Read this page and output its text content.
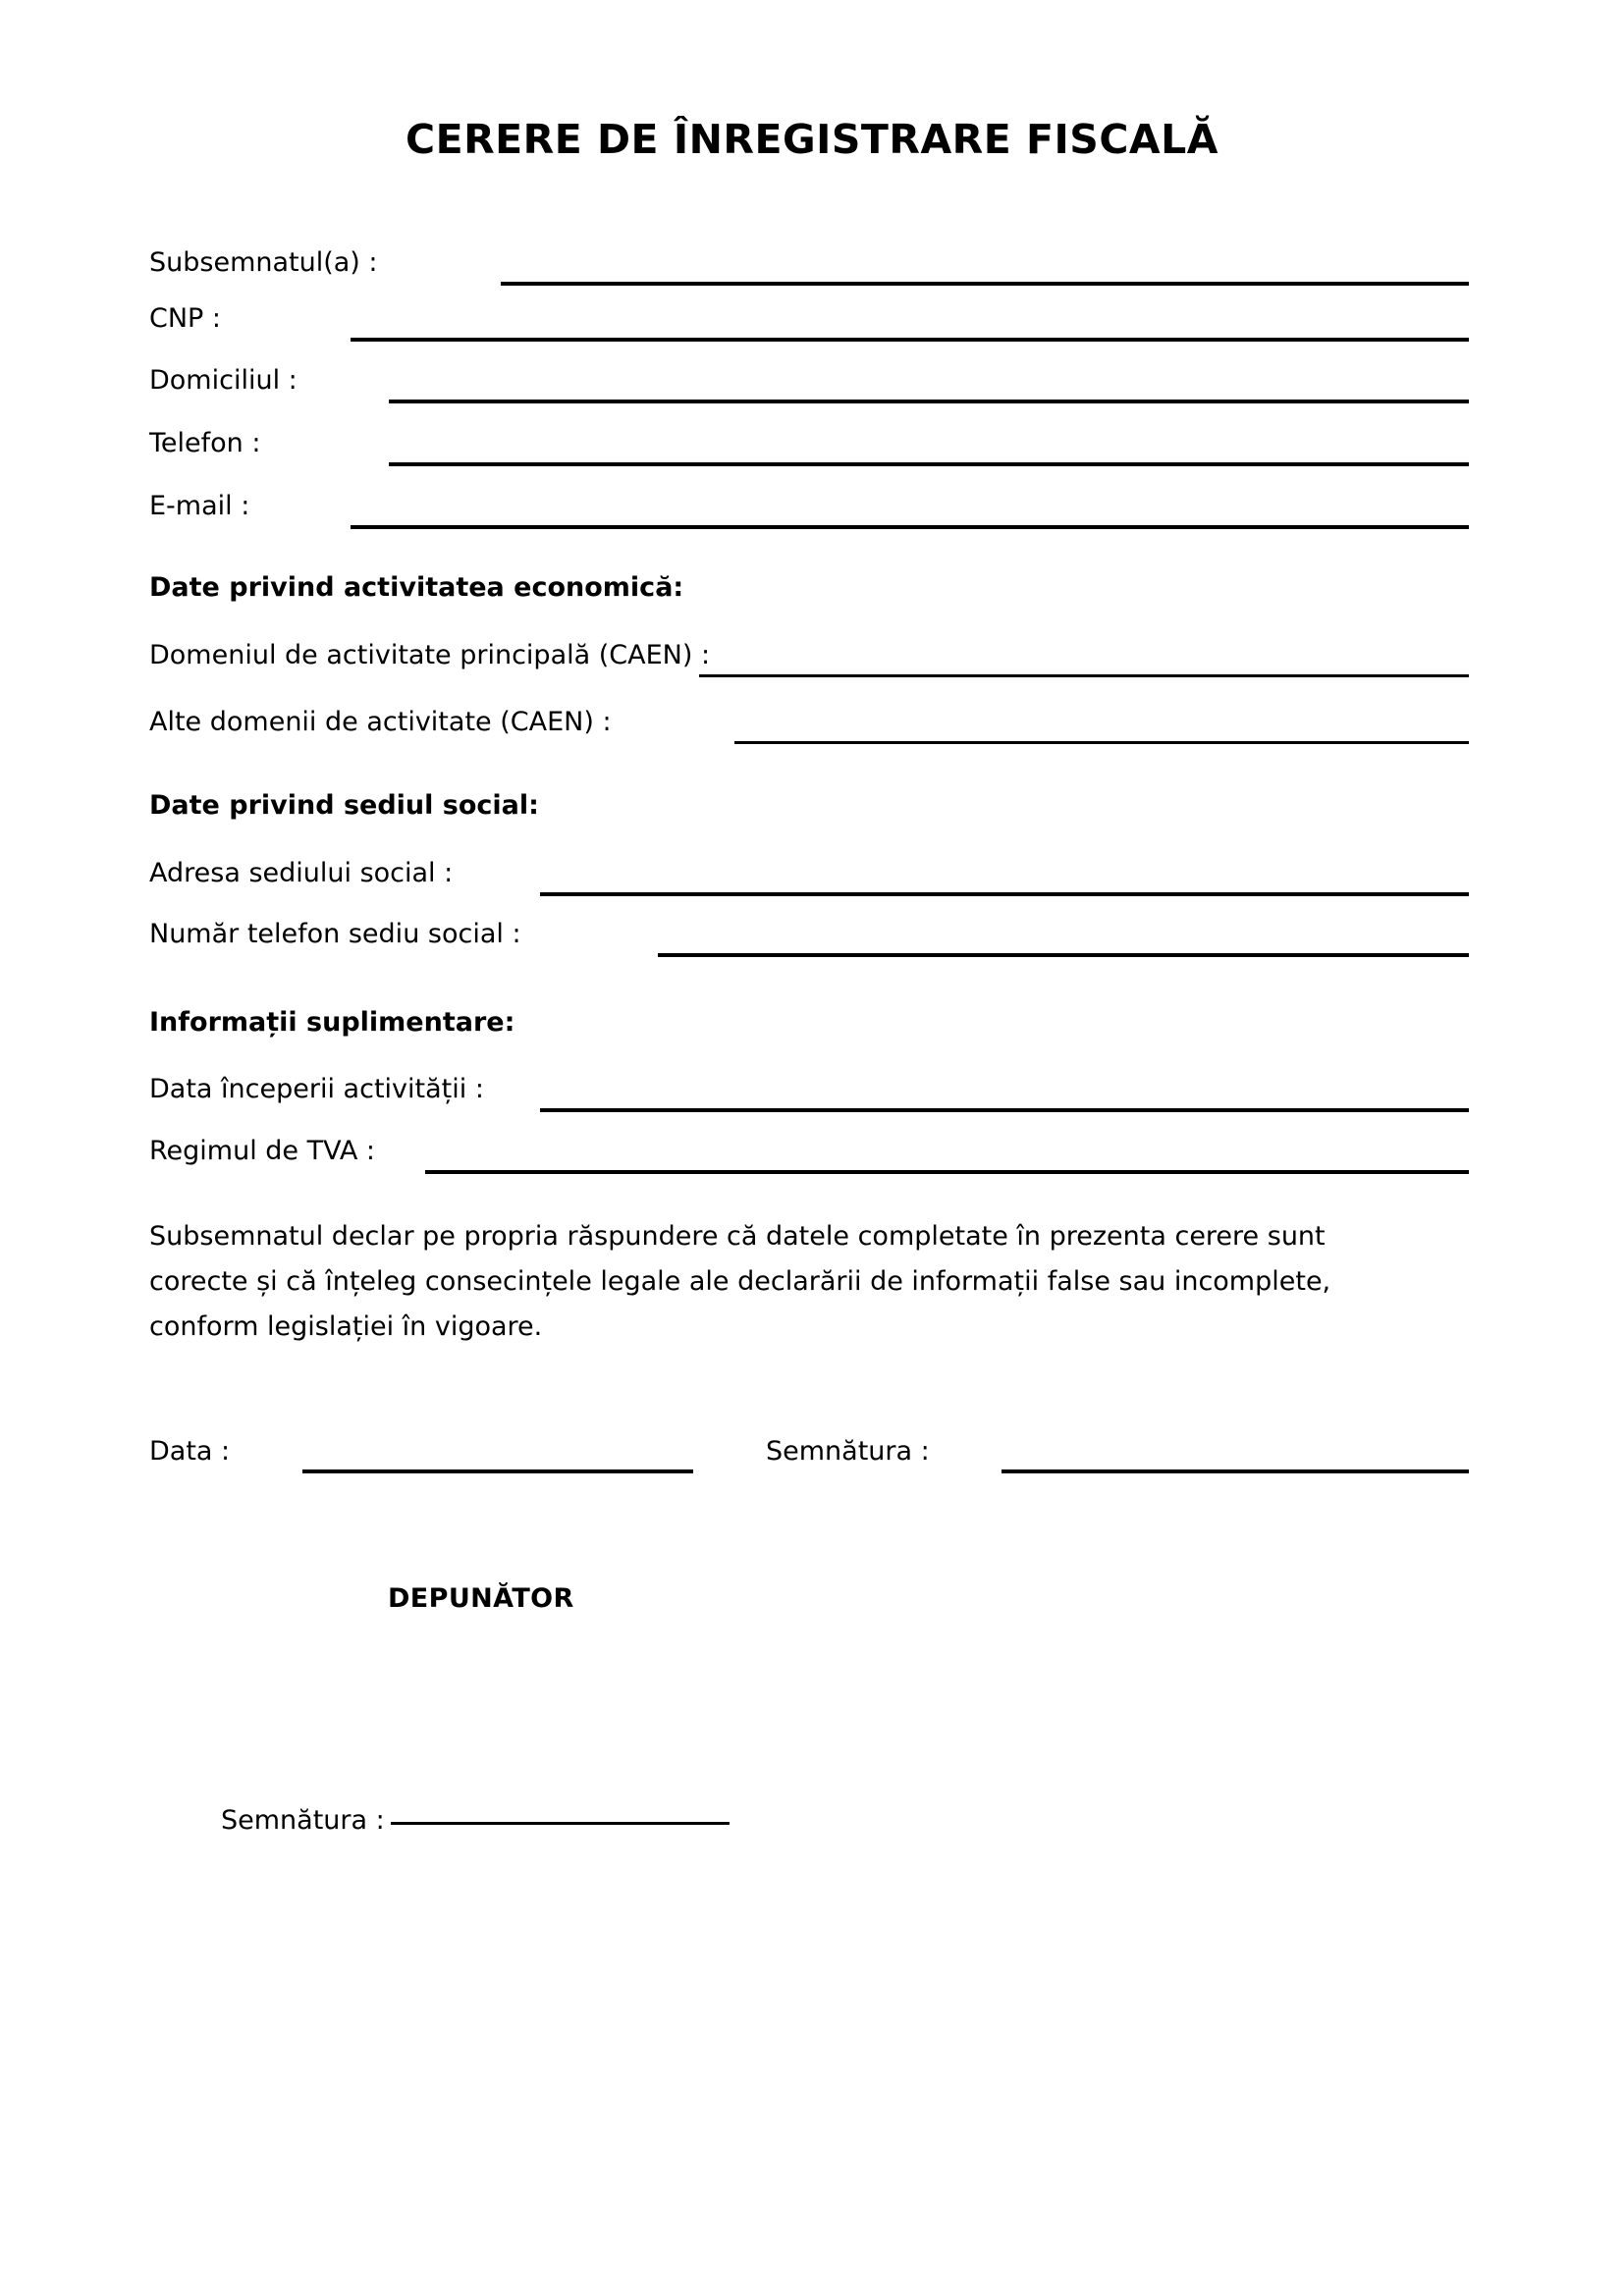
CERERE DE ÎNREGISTRARE FISCALĂ
Subsemnatul(a) :
CNP :
Domiciliul :
Telefon :
E-mail :
Date privind activitatea economică:
Domeniul de activitate principală (CAEN) :
Alte domenii de activitate (CAEN) :
Date privind sediul social:
Adresa sediului social :
Număr telefon sediu social :
Informații suplimentare:
Data începerii activității :
Regimul de TVA :
Subsemnatul declar pe propria răspundere că datele completate în prezenta cerere sunt corecte și că înțeleg consecințele legale ale declarării de informații false sau incomplete, conform legislației în vigoare.
Data :	Semnătura :
DEPUNĂTOR
Semnătura :
